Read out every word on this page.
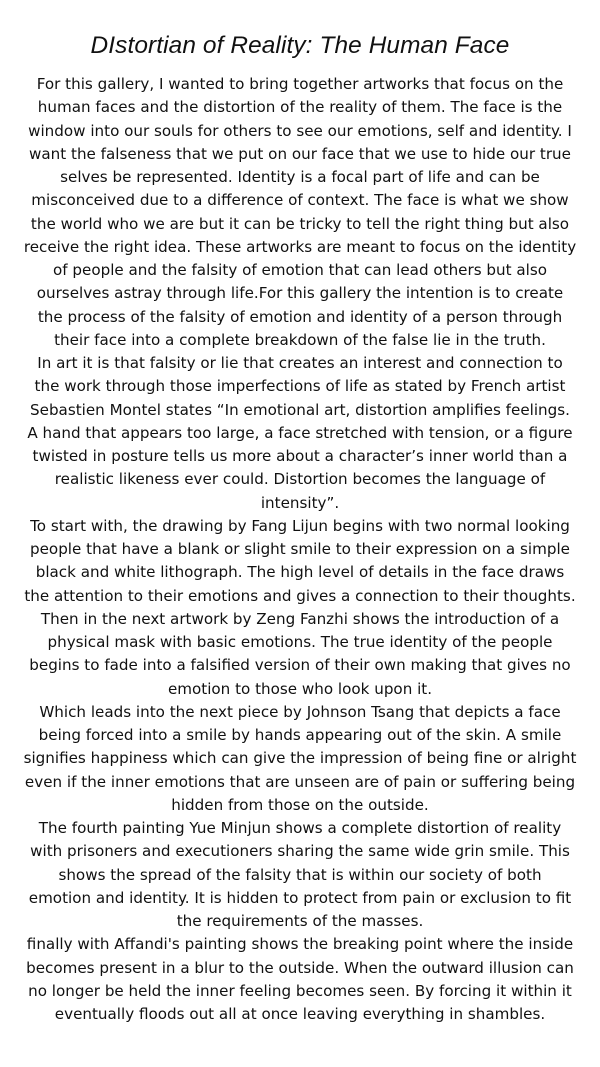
DIstortian of Reality: The Human Face
For this gallery, I wanted to bring together artworks that focus on the
human faces and the distortion of the reality of them. The face is the
window into our souls for others to see our emotions, self and identity. I
want the falseness that we put on our face that we use to hide our true
selves be represented. Identity is a focal part of life and can be
misconceived due to a difference of context. The face is what we show
the world who we are but it can be tricky to tell the right thing but also
receive the right idea. These artworks are meant to focus on the identity
of people and the falsity of emotion that can lead others but also
ourselves astray through life.For this gallery the intention is to create
the process of the falsity of emotion and identity of a person through
their face into a complete breakdown of the false lie in the truth.
In art it is that falsity or lie that creates an interest and connection to
the work through those imperfections of life as stated by French artist
Sebastien Montel states “In emotional art, distortion amplifies feelings.
A hand that appears too large, a face stretched with tension, or a figure
twisted in posture tells us more about a character’s inner world than a
realistic likeness ever could. Distortion becomes the language of
intensity”.
To start with, the drawing by Fang Lijun begins with two normal looking
people that have a blank or slight smile to their expression on a simple
black and white lithograph. The high level of details in the face draws
the attention to their emotions and gives a connection to their thoughts.
Then in the next artwork by Zeng Fanzhi shows the introduction of a
physical mask with basic emotions. The true identity of the people
begins to fade into a falsified version of their own making that gives no
emotion to those who look upon it.
Which leads into the next piece by Johnson Tsang that depicts a face
being forced into a smile by hands appearing out of the skin. A smile
signifies happiness which can give the impression of being fine or alright
even if the inner emotions that are unseen are of pain or suffering being
hidden from those on the outside.
The fourth painting Yue Minjun shows a complete distortion of reality
with prisoners and executioners sharing the same wide grin smile. This
shows the spread of the falsity that is within our society of both
emotion and identity. It is hidden to protect from pain or exclusion to fit
the requirements of the masses.
finally with Affandi's painting shows the breaking point where the inside
becomes present in a blur to the outside. When the outward illusion can
no longer be held the inner feeling becomes seen. By forcing it within it
eventually floods out all at once leaving everything in shambles.
